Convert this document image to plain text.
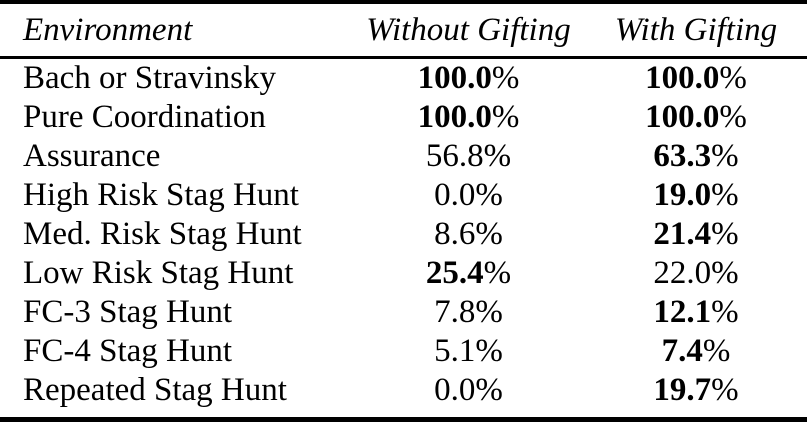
Environment	Without Gifting	With Gifting
Bach or Stravinsky	100.0%	100.0%
Pure Coordination	100.0%	100.0%
Assurance	56.8%	63.3%
High Risk Stag Hunt	0.0%	19.0%
Med. Risk Stag Hunt	8.6%	21.4%
Low Risk Stag Hunt	25.4%	22.0%
FC-3 Stag Hunt	7.8%	12.1%
FC-4 Stag Hunt	5.1%	7.4%
Repeated Stag Hunt	0.0%	19.7%
